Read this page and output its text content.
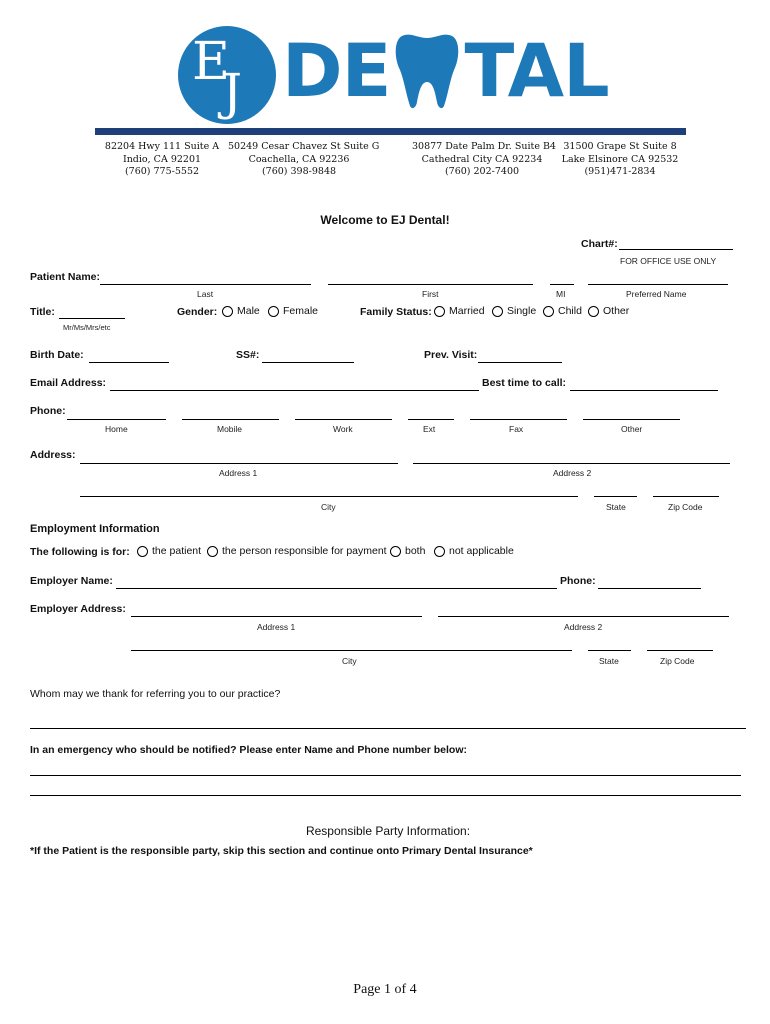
E
J DE TAL
82204 Hwy 111 Suite A
Indio, CA 92201
(760) 775-5552
50249 Cesar Chavez St Suite G
Coachella, CA 92236
(760) 398-9848
30877 Date Palm Dr. Suite B4
Cathedral City CA 92234
(760) 202-7400
31500 Grape St Suite 8
Lake Elsinore CA 92532
(951)471-2834
Welcome to EJ Dental!
Chart#:
FOR OFFICE USE ONLY
Patient Name:
Last	First	MI	Preferred Name
Title:
Mr/Ms/Mrs/etc
Gender: Male Female	Family Status: Married Single Child Other
Birth Date:	SS#:	Prev. Visit:
Email Address:	Best time to call:
Phone:
Home	Mobile	Work	Ext	Fax	Other
Address:
Address 1	Address 2
City	State	Zip Code
Employment Information
The following is for: the patient the person responsible for payment both not applicable
Employer Name:	Phone:
Employer Address:
Address 1	Address 2
City	State	Zip Code
Whom may we thank for referring you to our practice?
In an emergency who should be notified? Please enter Name and Phone number below:
Responsible Party Information:
*If the Patient is the responsible party, skip this section and continue onto Primary Dental Insurance*
Page 1 of 4
